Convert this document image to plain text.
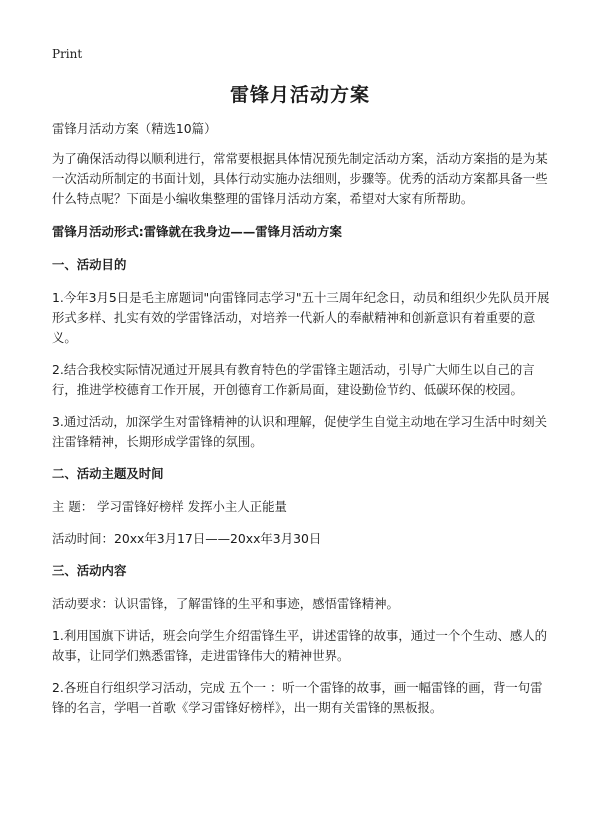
Print
雷锋月活动方案

雷锋月活动方案（精选10篇）

为了确保活动得以顺利进行，常常要根据具体情况预先制定活动方案，活动方案指的是为某一次活动所制定的书面计划，具体行动实施办法细则，步骤等。优秀的活动方案都具备一些什么特点呢？下面是小编收集整理的雷锋月活动方案，希望对大家有所帮助。

雷锋月活动形式:雷锋就在我身边——雷锋月活动方案

一、活动目的

1.今年3月5日是毛主席题词"向雷锋同志学习"五十三周年纪念日，动员和组织少先队员开展形式多样、扎实有效的学雷锋活动，对培养一代新人的奉献精神和创新意识有着重要的意义。

2.结合我校实际情况通过开展具有教育特色的学雷锋主题活动，引导广大师生以自己的言行，推进学校德育工作开展，开创德育工作新局面，建设勤俭节约、低碳环保的校园。

3.通过活动，加深学生对雷锋精神的认识和理解，促使学生自觉主动地在学习生活中时刻关注雷锋精神，长期形成学雷锋的氛围。

二、活动主题及时间

主 题： 学习雷锋好榜样 发挥小主人正能量

活动时间：20xx年3月17日——20xx年3月30日

三、活动内容

活动要求：认识雷锋，了解雷锋的生平和事迹，感悟雷锋精神。

1.利用国旗下讲话，班会向学生介绍雷锋生平，讲述雷锋的故事，通过一个个生动、感人的故事，让同学们熟悉雷锋，走进雷锋伟大的精神世界。

2.各班自行组织学习活动，完成 五个一 ：听一个雷锋的故事，画一幅雷锋的画，背一句雷锋的名言，学唱一首歌《学习雷锋好榜样》，出一期有关雷锋的黑板报。
